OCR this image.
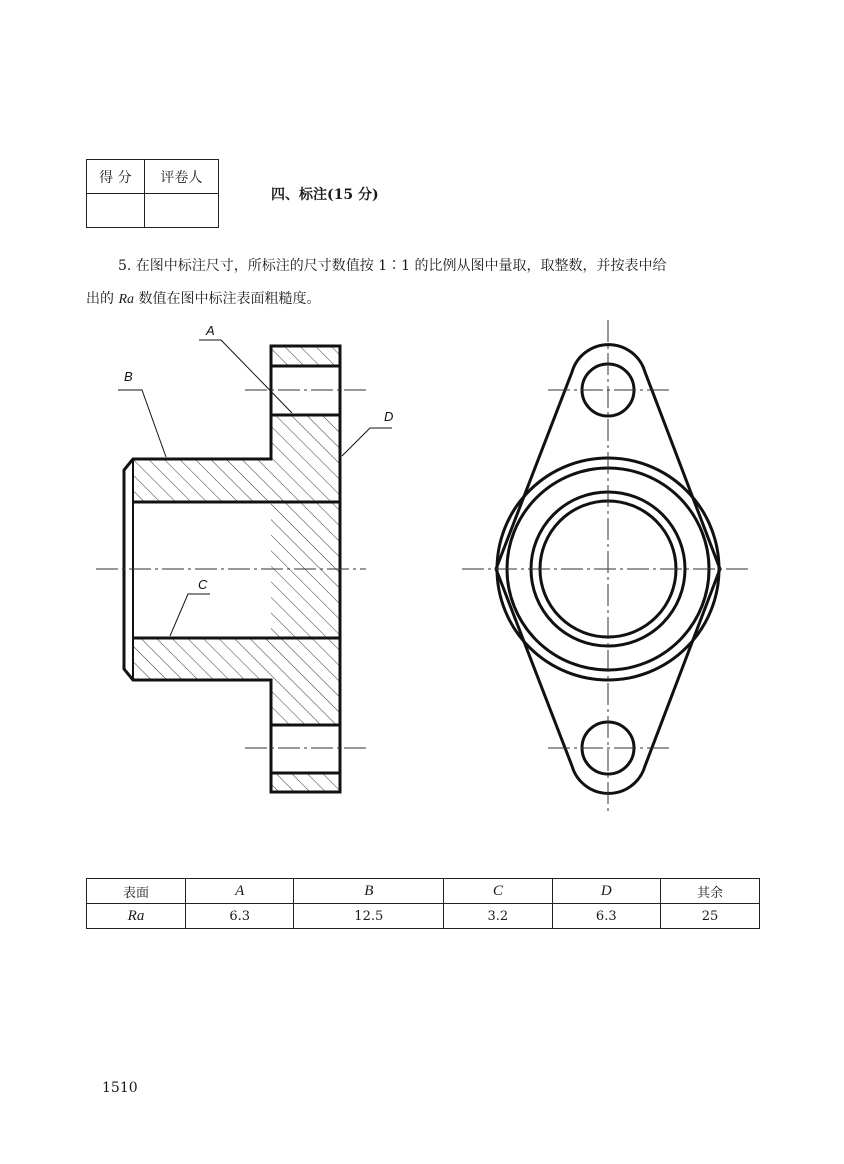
得 分	评卷人

四、标注(15 分)
5. 在图中标注尺寸，所标注的尺寸数值按 1∶1 的比例从图中量取，取整数，并按表中给
出的 Ra 数值在图中标注表面粗糙度。
A
B
C
D
表面	A	B	C	D	其余
Ra	6.3	12.5	3.2	6.3	25
1510
